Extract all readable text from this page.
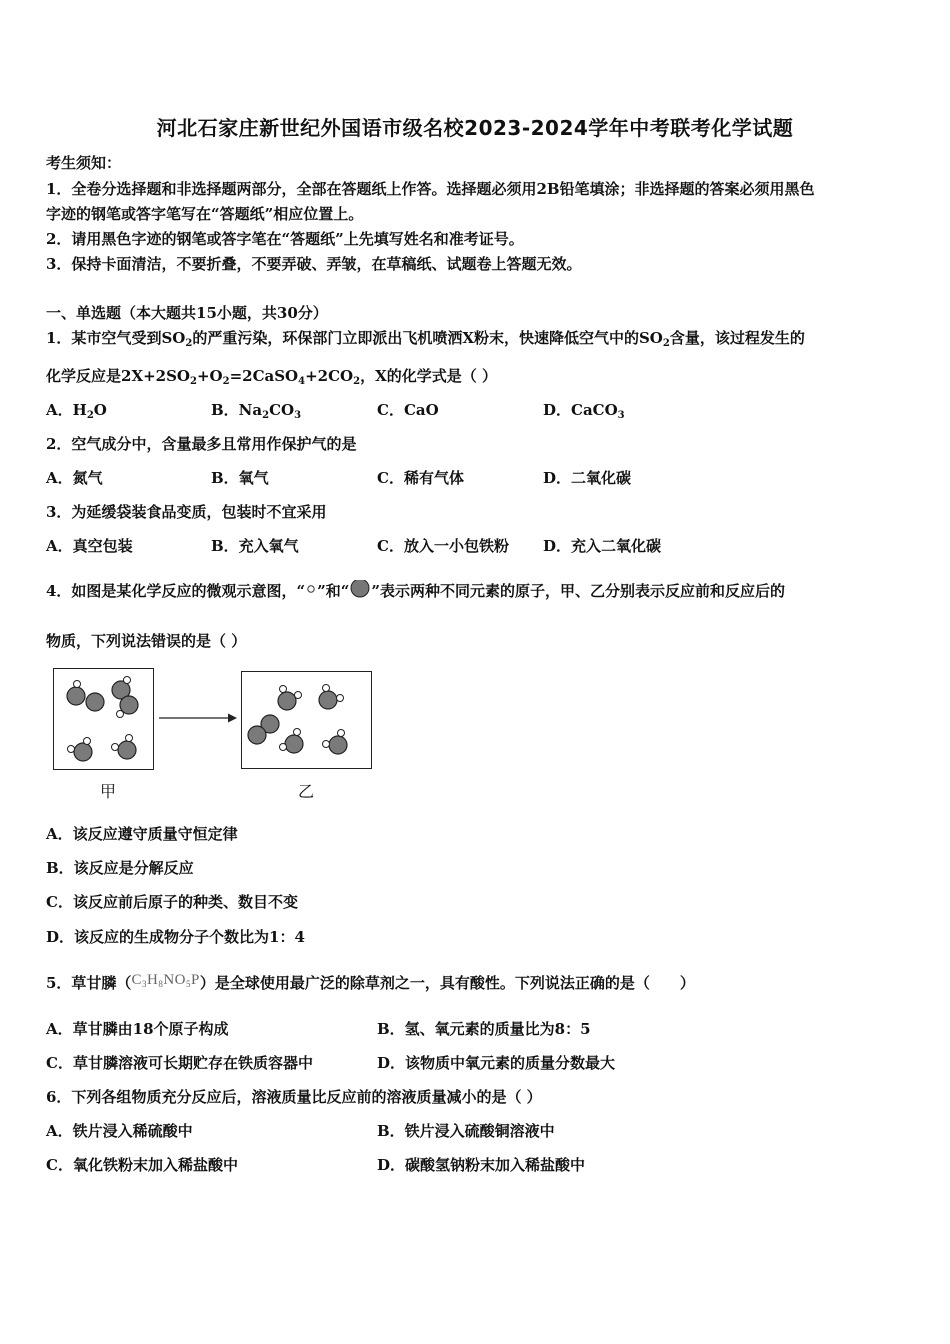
河北石家庄新世纪外国语市级名校2023-2024学年中考联考化学试题
考生须知：
1．全卷分选择题和非选择题两部分，全部在答题纸上作答。选择题必须用2B铅笔填涂；非选择题的答案必须用黑色
字迹的钢笔或答字笔写在“答题纸”相应位置上。
2．请用黑色字迹的钢笔或答字笔在“答题纸”上先填写姓名和准考证号。
3．保持卡面清洁，不要折叠，不要弄破、弄皱，在草稿纸、试题卷上答题无效。
一、单选题（本大题共15小题，共30分）
1．某市空气受到$SO_2$的严重污染，环保部门立即派出飞机喷洒X粉末，快速降低空气中的$SO_2$含量，该过程发生的
化学反应是$2X+2SO_2+O_2=2CaSO_4+2CO_2$，X的化学式是（ ）
A．$H_2O$	B．$Na_2CO_3$	C．CaO	D．CaCO$_3$
2．空气成分中，含量最多且常用作保护气的是
A．氮气	B．氧气	C．稀有气体	D．二氧化碳
3．为延缓袋装食品变质，包装时不宜采用
A．真空包装	B．充入氧气	C．放入一小包铁粉 D．充入二氧化碳
4．如图是某化学反应的微观示意图，“ ”和“ ”表示两种不同元素的原子，甲、乙分别表示反应前和反应后的
物质，下列说法错误的是（ ）
甲	乙
A．该反应遵守质量守恒定律
B．该反应是分解反应
C．该反应前后原子的种类、数目不变
D．该反应的生成物分子个数比为1：4
5．草甘膦$(C_3H_8NO_5P)$是全球使用最广泛的除草剂之一，具有酸性。下列说法正确的是（　　）
A．草甘膦由18个原子构成	B．氢、氧元素的质量比为8：5
C．草甘膦溶液可长期贮存在铁质容器中	D．该物质中氧元素的质量分数最大
6．下列各组物质充分反应后，溶液质量比反应前的溶液质量减小的是（ ）
A．铁片浸入稀硫酸中	B．铁片浸入硫酸铜溶液中
C．氧化铁粉末加入稀盐酸中	D．碳酸氢钠粉末加入稀盐酸中
